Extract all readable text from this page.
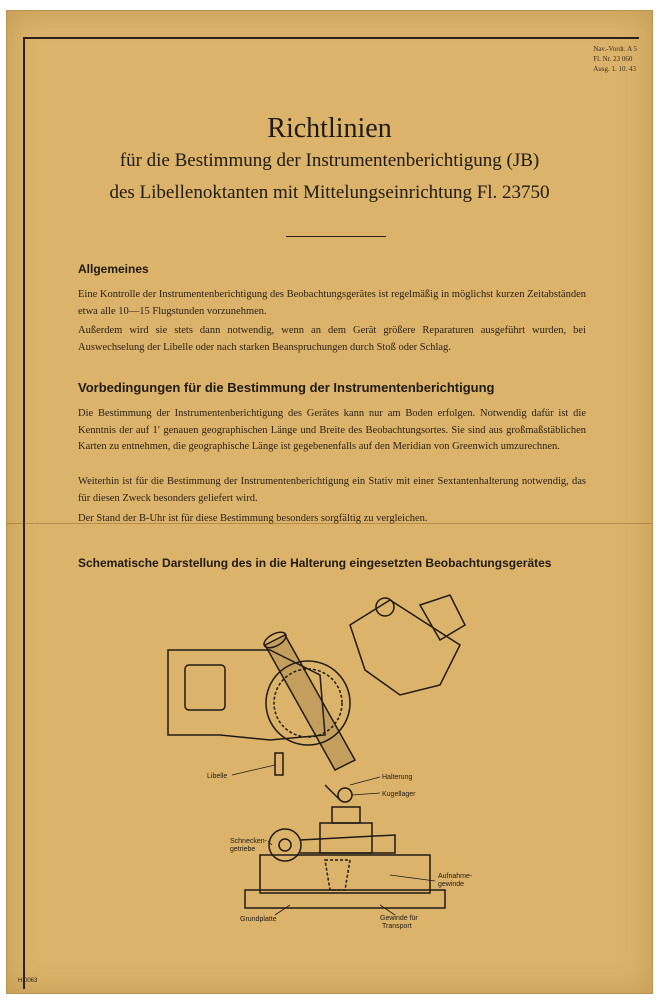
Nav.-Vordr. A 5
Fl. Nr. 23 060
Ausg. 1. 10. 43
Richtlinien
für die Bestimmung der Instrumentenberichtigung (JB)
des Libellenoktanten mit Mittelungseinrichtung Fl. 23750
Allgemeines
Eine Kontrolle der Instrumentenberichtigung des Beobachtungsgerätes ist regelmäßig in möglichst kurzen Zeitabständen etwa alle 10—15 Flugstunden vorzunehmen.
Außerdem wird sie stets dann notwendig, wenn an dem Gerät größere Reparaturen ausgeführt wurden, bei Auswechselung der Libelle oder nach starken Beanspruchungen durch Stoß oder Schlag.
Vorbedingungen für die Bestimmung der Instrumentenberichtigung
Die Bestimmung der Instrumentenberichtigung des Gerätes kann nur am Boden erfolgen. Notwendig dafür ist die Kenntnis der auf 1′ genauen geographischen Länge und Breite des Beobachtungsortes. Sie sind aus großmaßstäblichen Karten zu entnehmen, die geographische Länge ist gegebenenfalls auf den Meridian von Greenwich umzurechnen.
Weiterhin ist für die Bestimmung der Instrumentenberichtigung ein Stativ mit einer Sextantenhalterung notwendig, das für diesen Zweck besonders geliefert wird.
Der Stand der B-Uhr ist für diese Bestimmung besonders sorgfältig zu vergleichen.
Schematische Darstellung des in die Halterung eingesetzten Beobachtungsgerätes
Libelle	Halterung
Kugellager
Schnecken-
getriebe
Aufnahme-
gewinde
Grundplatte	Gewinde für
Transport
H 0063
